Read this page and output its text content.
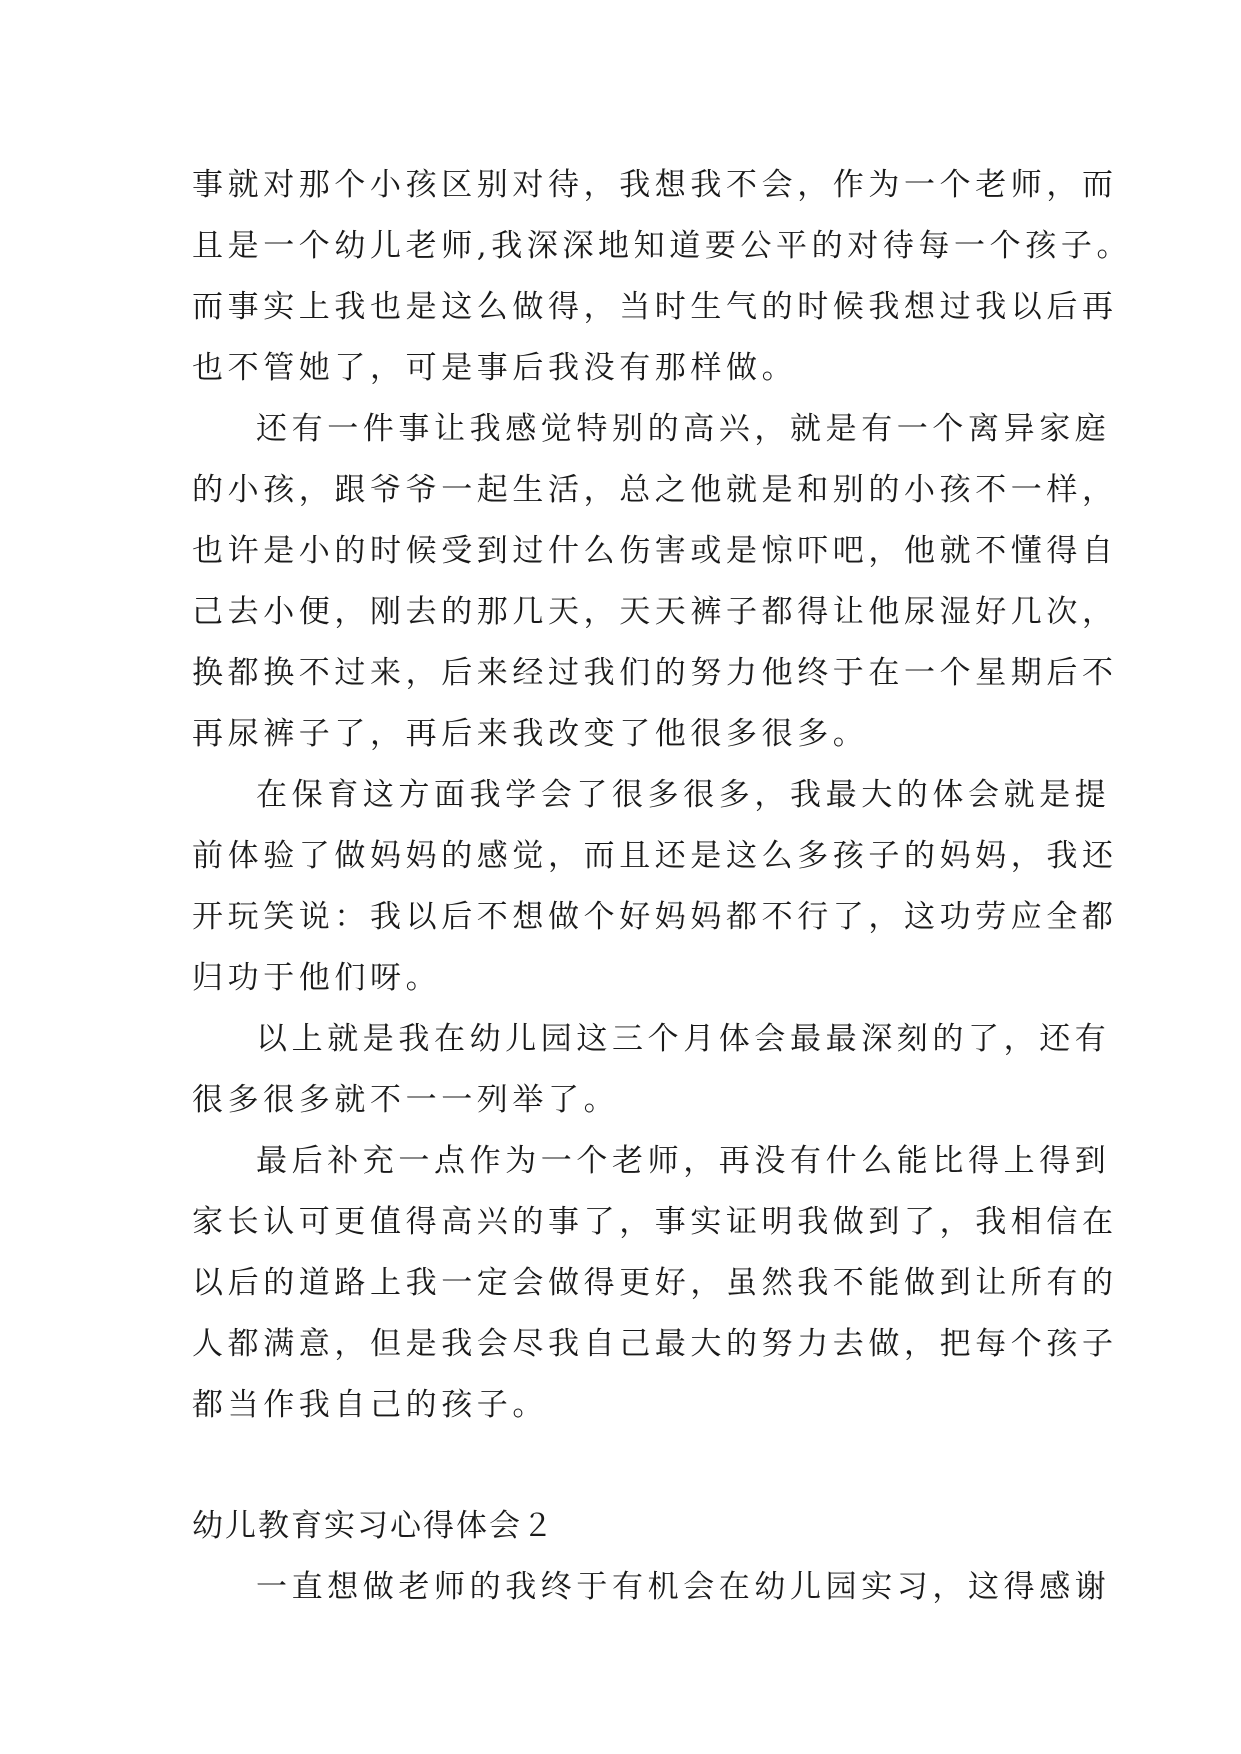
事就对那个小孩区别对待，我想我不会，作为一个老师，而
且是一个幼儿老师,我深深地知道要公平的对待每一个孩子。
而事实上我也是这么做得，当时生气的时候我想过我以后再
也不管她了，可是事后我没有那样做。
还有一件事让我感觉特别的高兴，就是有一个离异家庭
的小孩，跟爷爷一起生活，总之他就是和别的小孩不一样，
也许是小的时候受到过什么伤害或是惊吓吧，他就不懂得自
己去小便，刚去的那几天，天天裤子都得让他尿湿好几次，
换都换不过来，后来经过我们的努力他终于在一个星期后不
再尿裤子了，再后来我改变了他很多很多。
在保育这方面我学会了很多很多，我最大的体会就是提
前体验了做妈妈的感觉，而且还是这么多孩子的妈妈，我还
开玩笑说：我以后不想做个好妈妈都不行了，这功劳应全都
归功于他们呀。
以上就是我在幼儿园这三个月体会最最深刻的了，还有
很多很多就不一一列举了。
最后补充一点作为一个老师，再没有什么能比得上得到
家长认可更值得高兴的事了，事实证明我做到了，我相信在
以后的道路上我一定会做得更好，虽然我不能做到让所有的
人都满意，但是我会尽我自己最大的努力去做，把每个孩子
都当作我自己的孩子。
幼儿教育实习心得体会２
一直想做老师的我终于有机会在幼儿园实习，这得感谢
